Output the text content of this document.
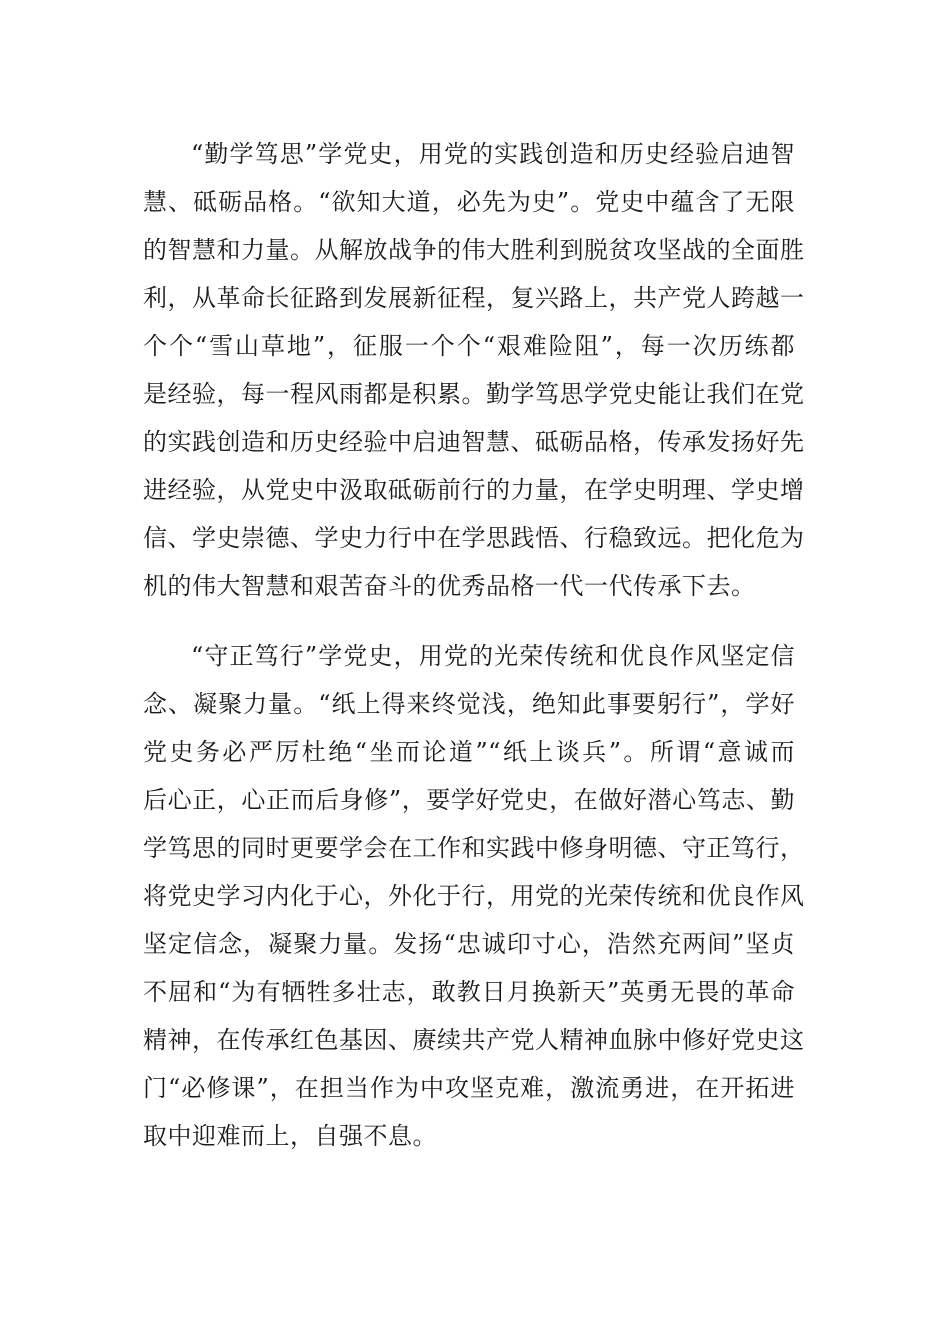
“勤学笃思”学党史，用党的实践创造和历史经验启迪智
慧、砥砺品格。“欲知大道，必先为史”。党史中蕴含了无限
的智慧和力量。从解放战争的伟大胜利到脱贫攻坚战的全面胜
利，从革命长征路到发展新征程，复兴路上，共产党人跨越一
个个“雪山草地”，征服一个个“艰难险阻”，每一次历练都
是经验，每一程风雨都是积累。勤学笃思学党史能让我们在党
的实践创造和历史经验中启迪智慧、砥砺品格，传承发扬好先
进经验，从党史中汲取砥砺前行的力量，在学史明理、学史增
信、学史崇德、学史力行中在学思践悟、行稳致远。把化危为
机的伟大智慧和艰苦奋斗的优秀品格一代一代传承下去。
“守正笃行”学党史，用党的光荣传统和优良作风坚定信
念、凝聚力量。“纸上得来终觉浅，绝知此事要躬行”，学好
党史务必严厉杜绝“坐而论道”“纸上谈兵”。所谓“意诚而
后心正，心正而后身修”，要学好党史，在做好潜心笃志、勤
学笃思的同时更要学会在工作和实践中修身明德、守正笃行，
将党史学习内化于心，外化于行，用党的光荣传统和优良作风
坚定信念，凝聚力量。发扬“忠诚印寸心，浩然充两间”坚贞
不屈和“为有牺牲多壮志，敢教日月换新天”英勇无畏的革命
精神，在传承红色基因、赓续共产党人精神血脉中修好党史这
门“必修课”，在担当作为中攻坚克难，激流勇进，在开拓进
取中迎难而上，自强不息。
